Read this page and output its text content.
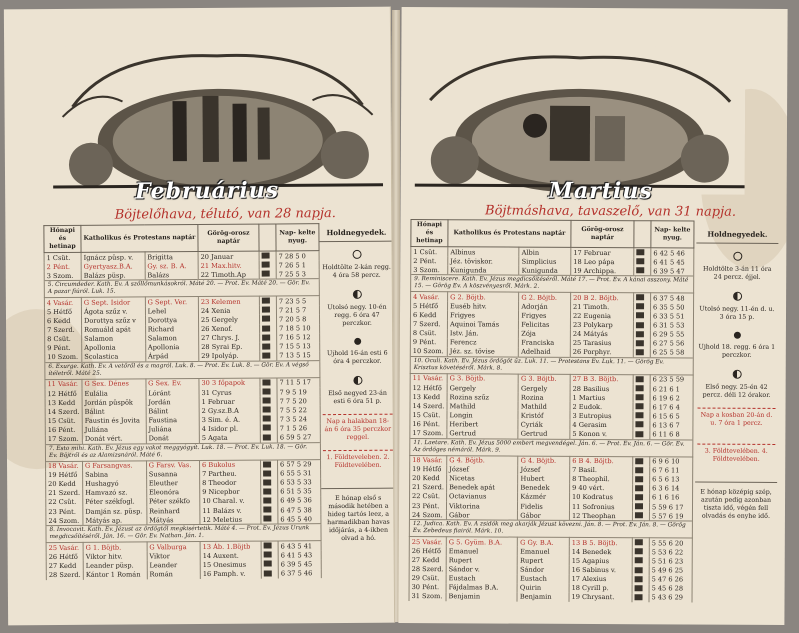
Februárius
Böjtelőhava, télutó, van 28 napja.
Hónapi és hetinap	Katholikus és Protestans naptár		Görög-orosz naptár		Nap- kelte nyug.
1 Csüt.	Ignácz püsp. v.	Brigitta	20 Januar		7 28 5 0
2 Pént.	Gyertyasz.B.A.	Gy. sz. B. A.	21 Max.hitv.		7 26 5 1
3 Szom.	Balázs püsp.	Balázs	22 Timoth.Ap		7 25 5 3
5. Circumdeder. Kath. Ev. A szőllőmunkásokról. Máté 20. — Prot. Ev. Máté 20. — Gör. Ev. A pazar fiúról. Luk. 15.					
4 Vasár.	G Sept. Isidor	G Sept. Ver.	23 Kelemen		7 23 5 5
5 Hétfő	Ágota szűz v.	Lehel	24 Xenia		7 21 5 7
6 Kedd	Dorottya szűz v	Dorottya	25 Gergely		7 20 5 8
7 Szerd.	Romuáld apát	Richard	26 Xenof.		7 18 5 10
8 Csüt.	Salamon	Salamon	27 Chrys. J.		7 16 5 12
9 Pént.	Apollonia	Apollonia	28 Syrai Ep.		7 15 5 13
10 Szom.	Scolastica	Árpád	29 Ipolyáp.		7 13 5 15
6. Exurge. Kath. Ev. A vetőről és a magról. Luk. 8. — Prot. Ev. Luk. 8. — Gör. Ev. A végső ítéletről. Máté 25.					
11 Vasár.	G Sex. Dénes	G Sex. Ev.	30 3 főpapok		7 11 5 17
12 Hétfő	Eulália	Lóránt	31 Cyrus		7 9 5 19
13 Kedd	Jordán püspök	Jordán	1 Februar		7 7 5 20
14 Szerd.	Bálint	Bálint	2 Gy.sz.B.A		7 5 5 22
15 Csüt.	Faustin és Jovita	Faustina	3 Sim. é. A.		7 3 5 24
16 Pént.	Juliána	Juliána	4 Isidor pl.		7 1 5 26
17 Szom.	Donát vért.	Donát	5 Agata		6 59 5 27
7. Esto mihi. Kath. Ev. Jézus egy vakot meggyógyít. Luk. 18. — Prot. Ev. Luk. 18. — Gör. Ev. Böjtről és az Alamizsnáról. Máté 6.					
18 Vasár.	G Farsangvas.	G Farsv. Vas.	6 Bukolus		6 57 5 29
19 Hétfő	Sabina	Susanna	7 Partheu.		6 55 5 31
20 Kedd	Hushagyó	Eleuther	8 Theodor		6 53 5 33
21 Szerd.	Hamvazó sz.	Eleonóra	9 Nicepbor		6 51 5 35
22 Csüt.	Péter székfogl.	Péter székfo	10 Charal. v.		6 49 5 36
23 Pént.	Damján sz. püsp.	Reinhard	11 Balázs v.		6 47 5 38
24 Szom.	Mátyás ap.	Mátyás	12 Meletius		6 45 5 40
8. Invocavit. Kath. Ev. Jézust az ördögtől megkisértetik. Máté 4. — Prot. Ev. Jézus Urunk megdicsőítéséről. Ján. 16. — Gör. Ev. Nathan. Ján. 1.					
25 Vasár.	G 1. Böjtb.	G Valburga	13 Áb. 1.Böjtb		6 43 5 41
26 Hétfő	Viktor hitv.	Viktor	14 Auxent.		6 41 5 43
27 Kedd	Leander püsp.	Leander	15 Onesimus		6 39 5 45
28 Szerd.	Kántor 1 Román	Román	16 Pamph. v.		6 37 5 46
Holdnegyedek.

Holdtölte 2-kán regg. 4 óra 58 percz.

Utolsó negy. 10-én regg. 6 óra 47 perczkor.

Ujhold 16-án esti 6 óra 4 perczkor.

Első negyed 23-án esti 6 óra 51 p.
Nap a halakban 18-án 6 óra 35 perczkor reggel.
1. Földteveleben. 2. Földtevelében.
E hónap első s második hetében a hideg tartós leez, a harmadikban havas időjárás, a 4-ikben olvad a hó.
Martius
Böjtmáshava, tavaszelő, van 31 napja.
Hónapi és hetinap	Katholikus és Protestans naptár		Görög-orosz naptár		Nap- kelte nyug.
1 Csüt.	Albinus	Albin	17 Februar		6 42 5 46
2 Pént.	Jéz. töviskor.	Simplicius	18 Leo pápa		6 41 5 45
3 Szom.	Kunigunda	Kunigunda	19 Archippa.		6 39 5 47
9. Reminiscere. Kath. Ev. Jézus megdicsőítéséről. Máté 17. — Prot. Ev. A kánai asszony. Máté 15. — Görög Ev. A köszvényesről. Márk. 2.					
4 Vasár.	G 2. Böjtb.	G 2. Böjtb.	20 B 2. Böjtb.		6 37 5 48
5 Hétfő	Euséb hitv.	Adorján	21 Timoth.		6 35 5 50
6 Kedd	Frigyes	Frigyes	22 Eugenia		6 33 5 51
7 Szerd.	Aquinoi Tamás	Felicitas	23 Polykarp		6 31 5 53
8 Csüt.	Istv. Ján.	Zója	24 Mátyás		6 29 5 55
9 Pént.	Ferencz	Franciska	25 Tarasius		6 27 5 56
10 Szom.	Jéz. sz. tövise	Adelhaid	26 Porphyr.		6 25 5 58
10. Oculi. Kath. Ev. Jézus ördögöt űz. Luk. 11. — Protestans Ev. Luk. 11. — Görög Ev. Krisztus követéséről. Márk. 8.					
11 Vasár.	G 3. Böjtb.	G 3. Böjtb.	27 B 3. Böjtb.		6 23 5 59
12 Hétfő	Gergely	Gergely	28 Basilius		6 21 6 1
13 Kedd	Rozina szűz	Rozina	1 Martius		6 19 6 2
14 Szerd.	Mathild	Mathild	2 Eudok.		6 17 6 4
15 Csüt.	Longin	Kristóf	3 Eutropius		6 15 6 5
16 Pént.	Heribert	Cyriák	4 Gerasim		6 13 6 7
17 Szom.	Gertrud	Gertrud	5 Konon v.		6 11 6 8
11. Laetare. Kath. Ev. Jézus 5000 embert megvendégel. Ján. 6. — Prot. Ev. Ján. 6. — Gör. Ev. Az ördöges némáról. Márk. 9.					
18 Vasár.	G 4. Böjtb.	G 4. Böjtb.	6 B 4. Böjtb.		6 9 6 10
19 Hétfő	József	József	7 Basil.		6 7 6 11
20 Kedd	Nicetas	Hubert	8 Theophil.		6 5 6 13
21 Szerd.	Benedek apát	Benedek	9 40 vért.		6 3 6 14
22 Csüt.	Octavianus	Kázmér	10 Kodratus		6 1 6 16
23 Pént.	Viktorina	Fidelis	11 Sofronius		5 59 6 17
24 Szom.	Gábor	Gábor	12 Theophan		5 57 6 19
12. Judica. Kath. Ev. A zsidók meg akarják Jézust kövezni. Ján. 8. — Prot. Ev. Ján. 8. — Görög Ev. Zebedeus fiairól. Márk. 10.					
25 Vasár.	G 5. Gyüm. B.A.	G Gy. B.A.	13 B 5. Böjtb.		5 55 6 20
26 Hétfő	Emanuel	Emanuel	14 Benedek		5 53 6 22
27 Kedd	Rupert	Rupert	15 Agapius		5 51 6 23
28 Szerd.	Sándor v.	Sándor	16 Sabinus v.		5 49 6 25
29 Csüt.	Eustach	Eustach	17 Alexius		5 47 6 26
30 Pént.	Fájdalmas B.A.	Quirin	18 Cyrill p.		5 45 6 28
31 Szom.	Benjamin	Benjamin	19 Chrysant.		5 43 6 29
Holdnegyedek.

Holdtölte 3-án 11 óra 24 percz. éjjel.

Utolsó negy. 11-én d. u. 3 óra 15 p.

Ujhold 18. regg. 6 óra 1 perczkor.

Első negy. 25-én 42 percz. déli 12 órakor.
Nap a kosban 20-án d. u. 7 óra 1 percz.
3. Földtevelében. 4. Földtevelében.
E hónap középig szép, azután pedig azonban tiszta idő, végén fell olvadás és enyhe idő.
